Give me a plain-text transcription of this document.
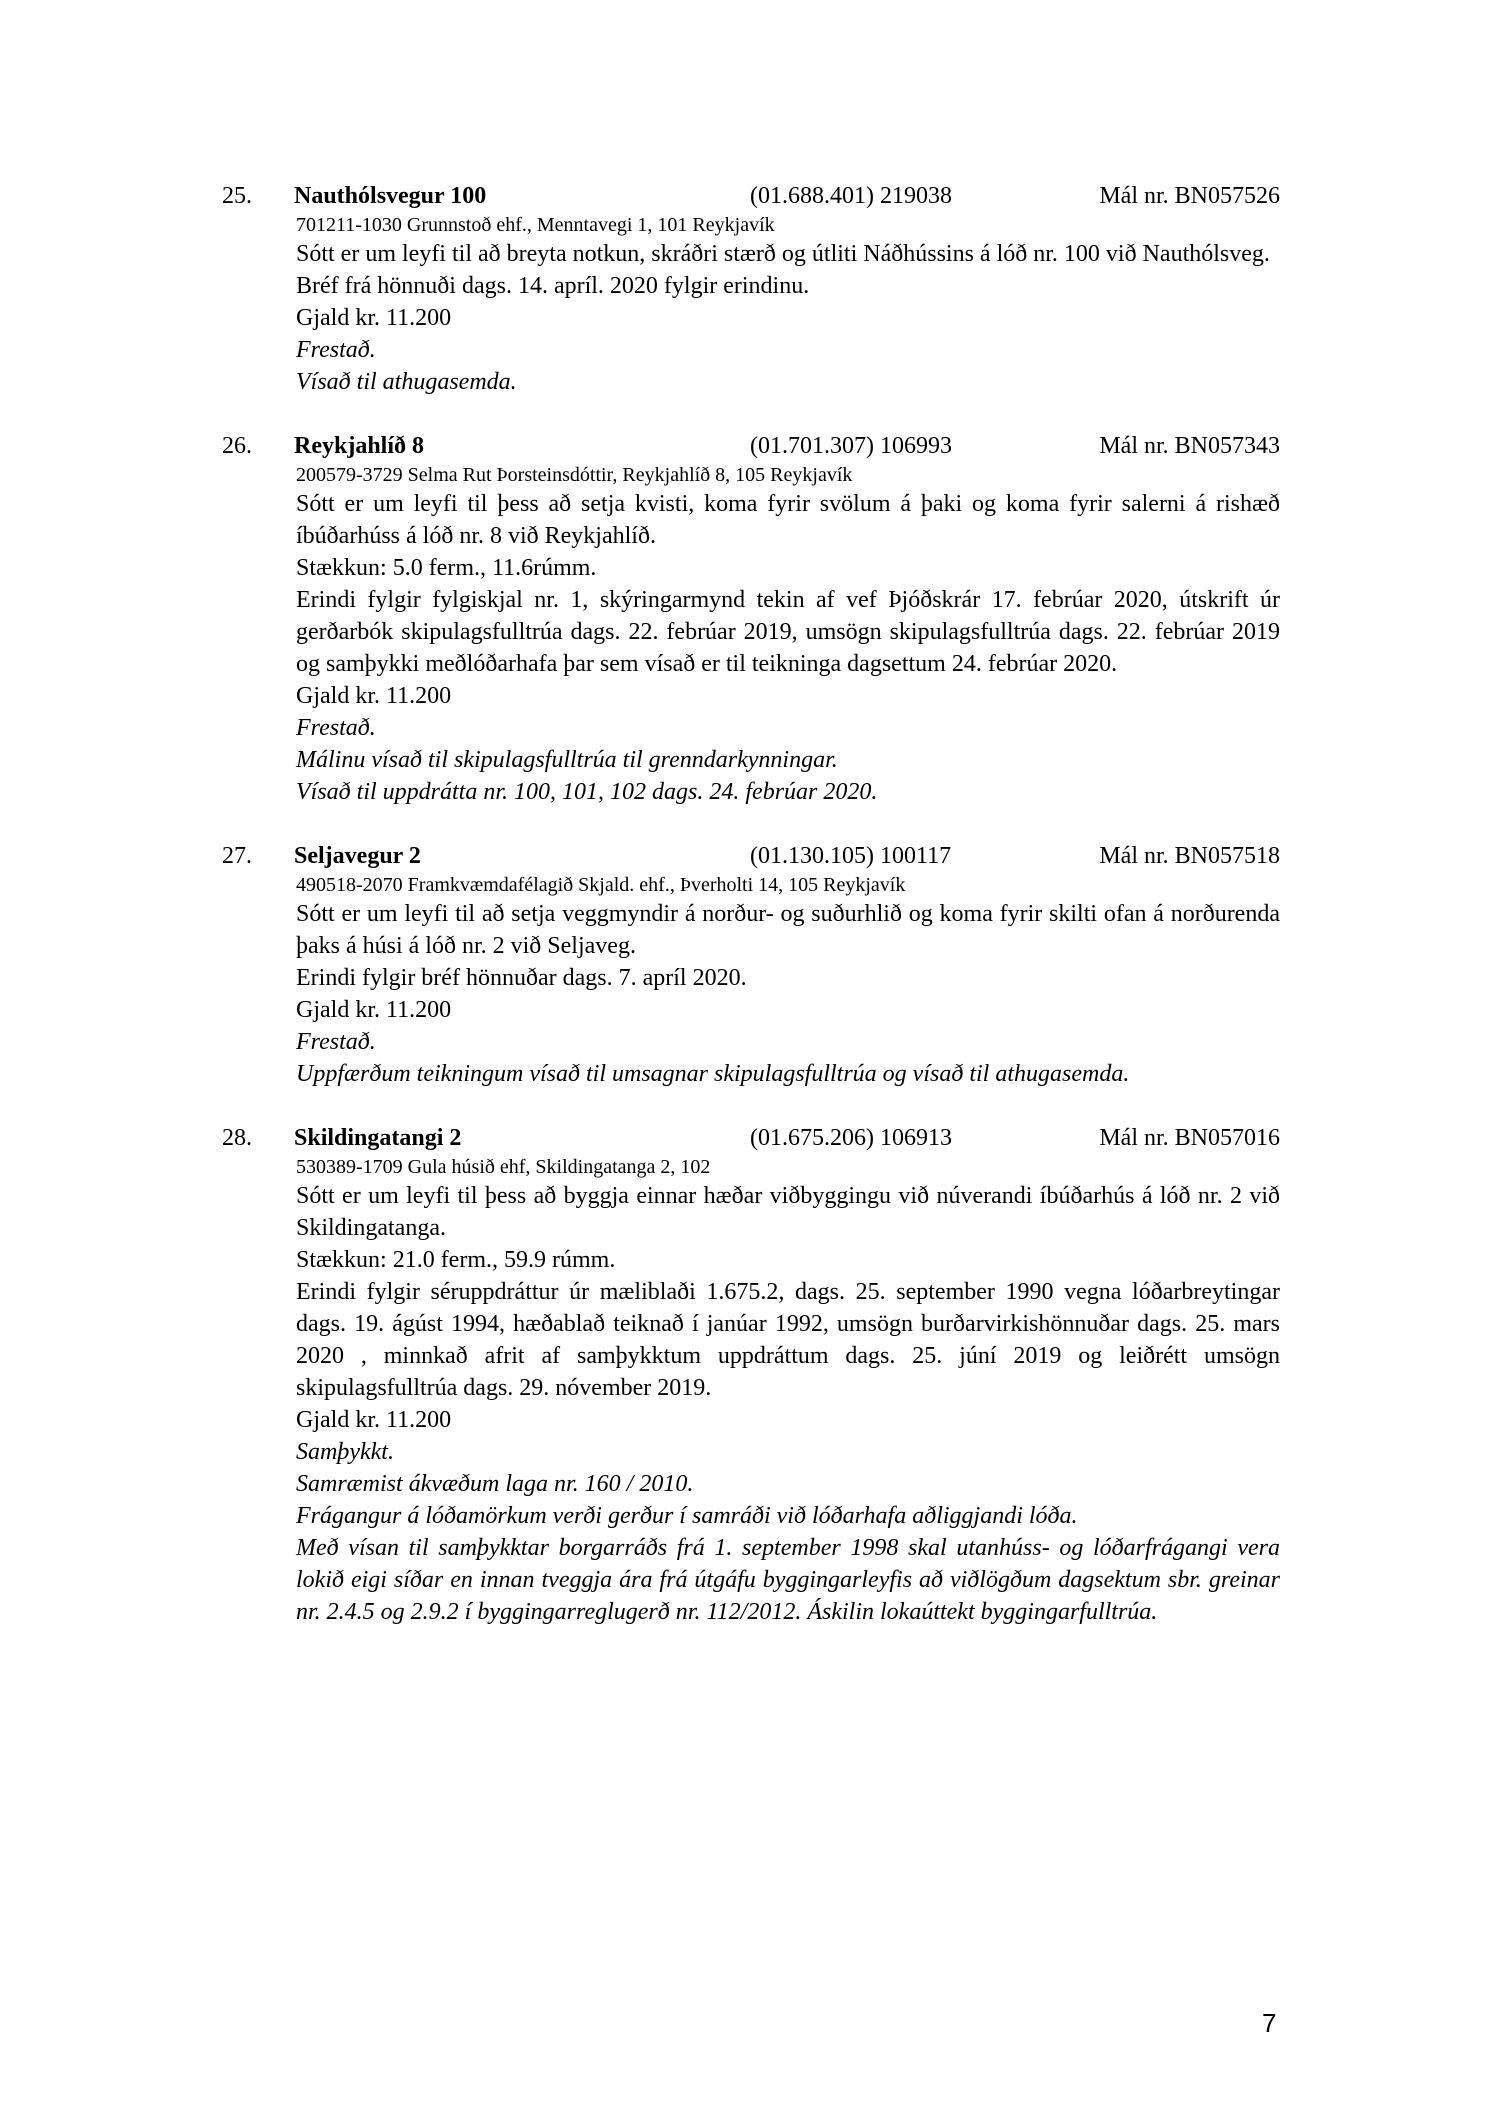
25. Nauthólsvegur 100	(01.688.401) 219038	Mál nr. BN057526
701211-1030 Grunnstoð ehf., Menntavegi 1, 101 Reykjavík
Sótt er um leyfi til að breyta notkun, skráðri stærð og útliti Náðhússins á lóð nr. 100 við Nauthólsveg.
Bréf frá hönnuði dags. 14. apríl. 2020 fylgir erindinu.
Gjald kr. 11.200
Frestað.
Vísað til athugasemda.
26. Reykjahlíð 8	(01.701.307) 106993	Mál nr. BN057343
200579-3729 Selma Rut Þorsteinsdóttir, Reykjahlíð 8, 105 Reykjavík
Sótt er um leyfi til þess að setja kvisti, koma fyrir svölum á þaki og koma fyrir salerni á rishæð íbúðarhúss á lóð nr. 8 við Reykjahlíð.
Stækkun: 5.0 ferm., 11.6rúmm.
Erindi fylgir fylgiskjal nr. 1, skýringarmynd tekin af vef Þjóðskrár 17. febrúar 2020, útskrift úr gerðarbók skipulagsfulltrúa dags. 22. febrúar 2019, umsögn skipulagsfulltrúa dags. 22. febrúar 2019 og samþykki meðlóðarhafa þar sem vísað er til teikninga dagsettum 24. febrúar 2020.
Gjald kr. 11.200
Frestað.
Málinu vísað til skipulagsfulltrúa til grenndarkynningar.
Vísað til uppdrátta nr. 100, 101, 102 dags. 24. febrúar 2020.
27. Seljavegur 2	(01.130.105) 100117	Mál nr. BN057518
490518-2070 Framkvæmdafélagið Skjald. ehf., Þverholti 14, 105 Reykjavík
Sótt er um leyfi til að setja veggmyndir á norður- og suðurhlið og koma fyrir skilti ofan á norðurenda þaks á húsi á lóð nr. 2 við Seljaveg.
Erindi fylgir bréf hönnuðar dags. 7. apríl 2020.
Gjald kr. 11.200
Frestað.
Uppfærðum teikningum vísað til umsagnar skipulagsfulltrúa og vísað til athugasemda.
28. Skildingatangi 2	(01.675.206) 106913	Mál nr. BN057016
530389-1709 Gula húsið ehf, Skildingatanga 2, 102
Sótt er um leyfi til þess að byggja einnar hæðar viðbyggingu við núverandi íbúðarhús á lóð nr. 2 við Skildingatanga.
Stækkun: 21.0 ferm., 59.9 rúmm.
Erindi fylgir séruppdráttur úr mæliblaði 1.675.2, dags. 25. september 1990 vegna lóðarbreytingar dags. 19. ágúst 1994, hæðablað teiknað í janúar 1992, umsögn burðarvirkishönnuðar dags. 25. mars 2020 , minnkað afrit af samþykktum uppdráttum dags. 25. júní 2019 og leiðrétt umsögn skipulagsfulltrúa dags. 29. nóvember 2019.
Gjald kr. 11.200
Samþykkt.
Samræmist ákvæðum laga nr. 160 / 2010.
Frágangur á lóðamörkum verði gerður í samráði við lóðarhafa aðliggjandi lóða.
Með vísan til samþykktar borgarráðs frá 1. september 1998 skal utanhúss- og lóðarfrágangi vera lokið eigi síðar en innan tveggja ára frá útgáfu byggingarleyfis að viðlögðum dagsektum sbr. greinar nr. 2.4.5 og 2.9.2 í byggingarreglugerð nr. 112/2012. Áskilin lokaúttekt byggingarfulltrúa.
7
